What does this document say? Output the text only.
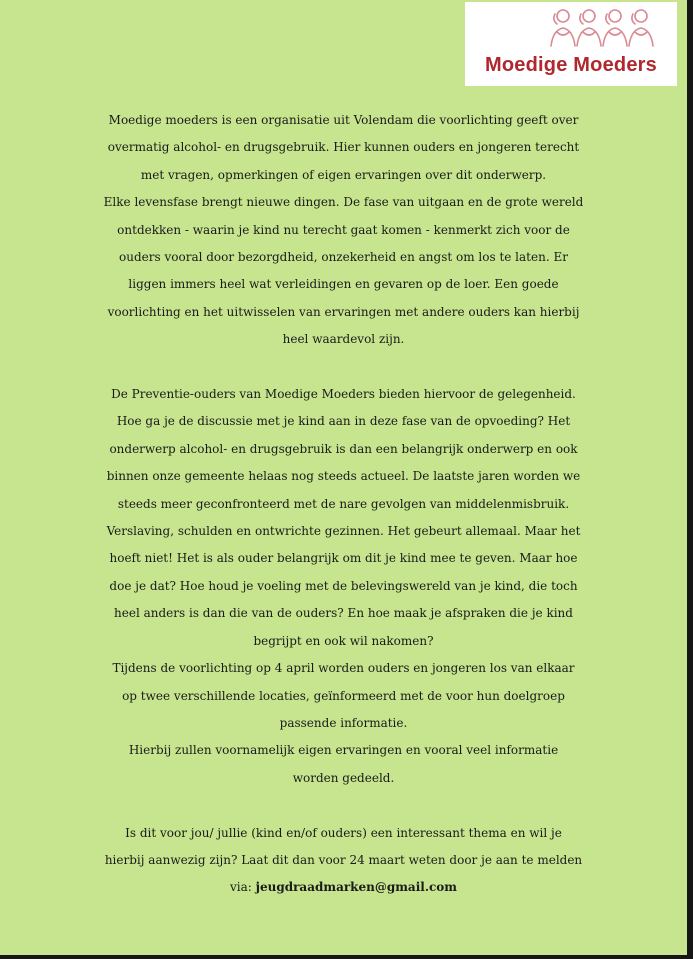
Moedige Moeders

Moedige moeders is een organisatie uit Volendam die voorlichting geeft over

overmatig alcohol- en drugsgebruik. Hier kunnen ouders en jongeren terecht

met vragen, opmerkingen of eigen ervaringen over dit onderwerp.

Elke levensfase brengt nieuwe dingen. De fase van uitgaan en de grote wereld

ontdekken - waarin je kind nu terecht gaat komen - kenmerkt zich voor de

ouders vooral door bezorgdheid, onzekerheid en angst om los te laten. Er

liggen immers heel wat verleidingen en gevaren op de loer. Een goede

voorlichting en het uitwisselen van ervaringen met andere ouders kan hierbij

heel waardevol zijn.

De Preventie-ouders van Moedige Moeders bieden hiervoor de gelegenheid.

Hoe ga je de discussie met je kind aan in deze fase van de opvoeding? Het

onderwerp alcohol- en drugsgebruik is dan een belangrijk onderwerp en ook

binnen onze gemeente helaas nog steeds actueel. De laatste jaren worden we

steeds meer geconfronteerd met de nare gevolgen van middelenmisbruik.

Verslaving, schulden en ontwrichte gezinnen. Het gebeurt allemaal. Maar het

hoeft niet! Het is als ouder belangrijk om dit je kind mee te geven. Maar hoe

doe je dat? Hoe houd je voeling met de belevingswereld van je kind, die toch

heel anders is dan die van de ouders? En hoe maak je afspraken die je kind

begrijpt en ook wil nakomen?

Tijdens de voorlichting op 4 april worden ouders en jongeren los van elkaar

op twee verschillende locaties, geïnformeerd met de voor hun doelgroep

passende informatie.

Hierbij zullen voornamelijk eigen ervaringen en vooral veel informatie

worden gedeeld.

Is dit voor jou/ jullie (kind en/of ouders) een interessant thema en wil je

hierbij aanwezig zijn? Laat dit dan voor 24 maart weten door je aan te melden

via: jeugdraadmarken@gmail.com
